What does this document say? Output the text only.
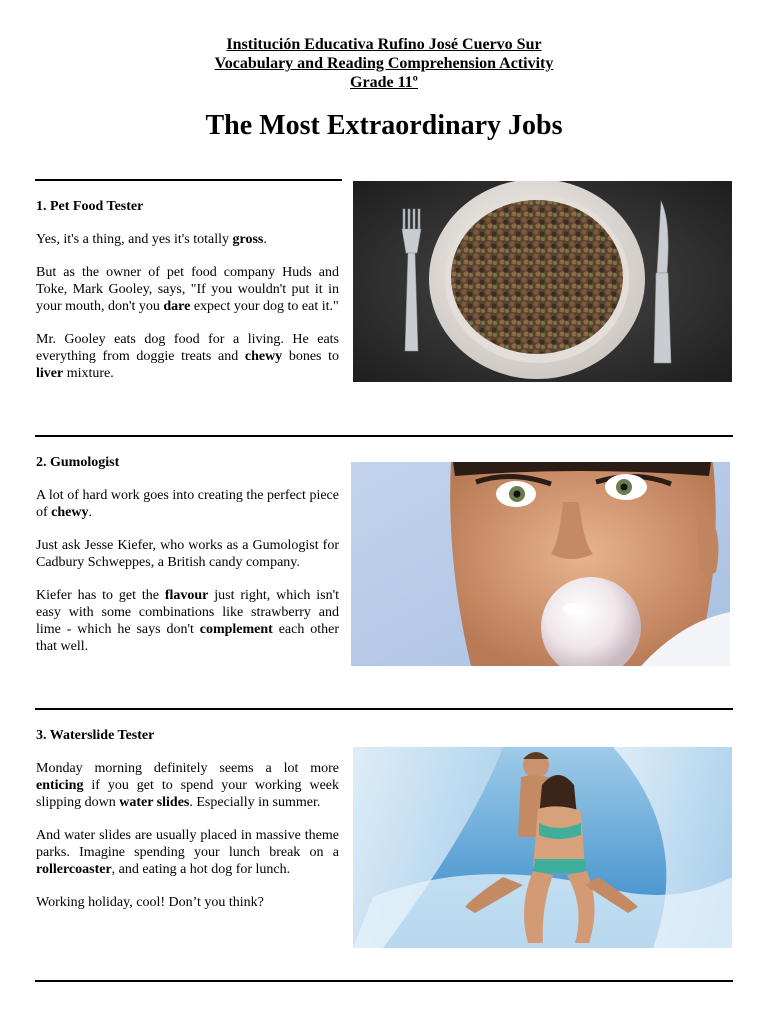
Institución Educativa Rufino José Cuervo Sur
Vocabulary and Reading Comprehension Activity
Grade 11º
The Most Extraordinary Jobs

1. Pet Food Tester

Yes, it's a thing, and yes it's totally gross.

But as the owner of pet food company Huds and Toke, Mark Gooley, says, "If you wouldn't put it in your mouth, don't you dare expect your dog to eat it."

Mr. Gooley eats dog food for a living. He eats everything from doggie treats and chewy bones to liver mixture.

2. Gumologist

A lot of hard work goes into creating the perfect piece of chewy.

Just ask Jesse Kiefer, who works as a Gumologist for Cadbury Schweppes, a British candy company.

Kiefer has to get the flavour just right, which isn't easy with some combinations like strawberry and lime - which he says don't complement each other that well.

3. Waterslide Tester

Monday morning definitely seems a lot more enticing if you get to spend your working week slipping down water slides. Especially in summer.

And water slides are usually placed in massive theme parks. Imagine spending your lunch break on a rollercoaster, and eating a hot dog for lunch.

Working holiday, cool! Don’t you think?
